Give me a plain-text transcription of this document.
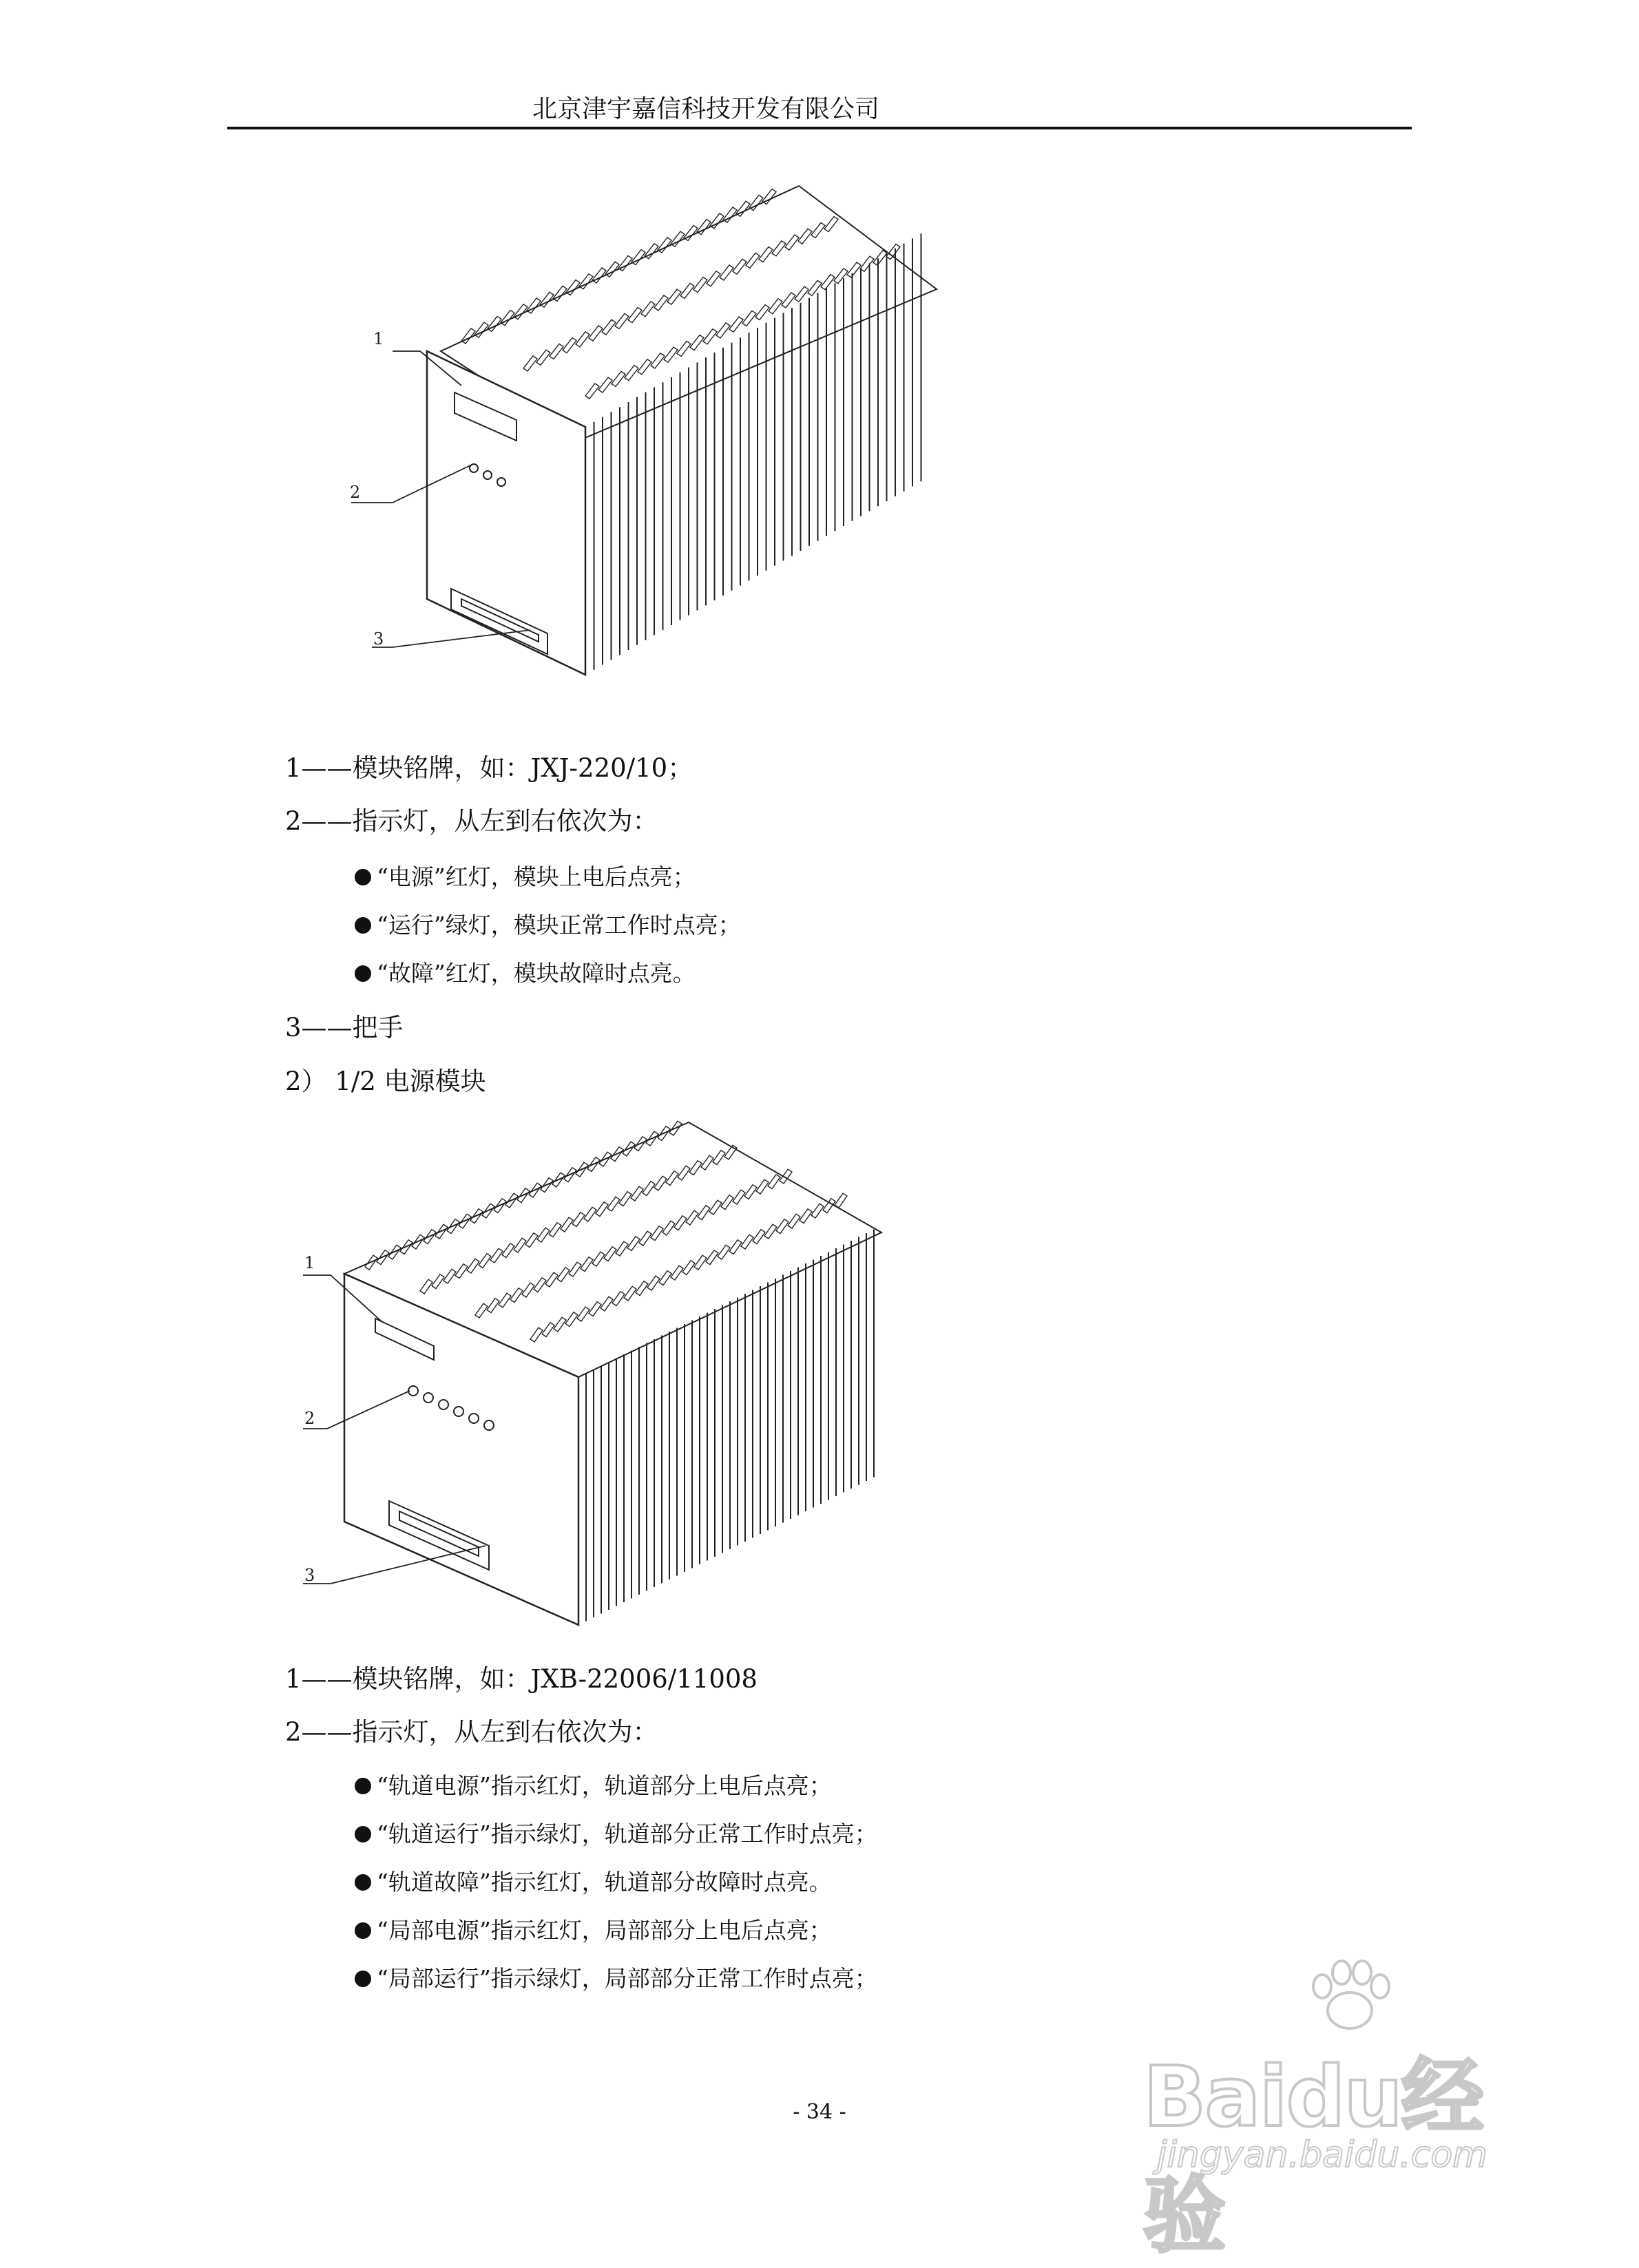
北京津宇嘉信科技开发有限公司
1
2
3
1——模块铭牌，如：JXJ-220/10；
2——指示灯，从左到右依次为：
“电源”红灯，模块上电后点亮；
“运行”绿灯，模块正常工作时点亮；
“故障”红灯，模块故障时点亮。
3——把手
2） 1/2 电源模块
1
2
3
1——模块铭牌，如：JXB-22006/11008
2——指示灯，从左到右依次为：
“轨道电源”指示红灯，轨道部分上电后点亮；
“轨道运行”指示绿灯，轨道部分正常工作时点亮；
“轨道故障”指示红灯，轨道部分故障时点亮。
“局部电源”指示红灯，局部部分上电后点亮；
“局部运行”指示绿灯，局部部分正常工作时点亮；
- 34 -	Baidu经验
jingyan.baidu.com
